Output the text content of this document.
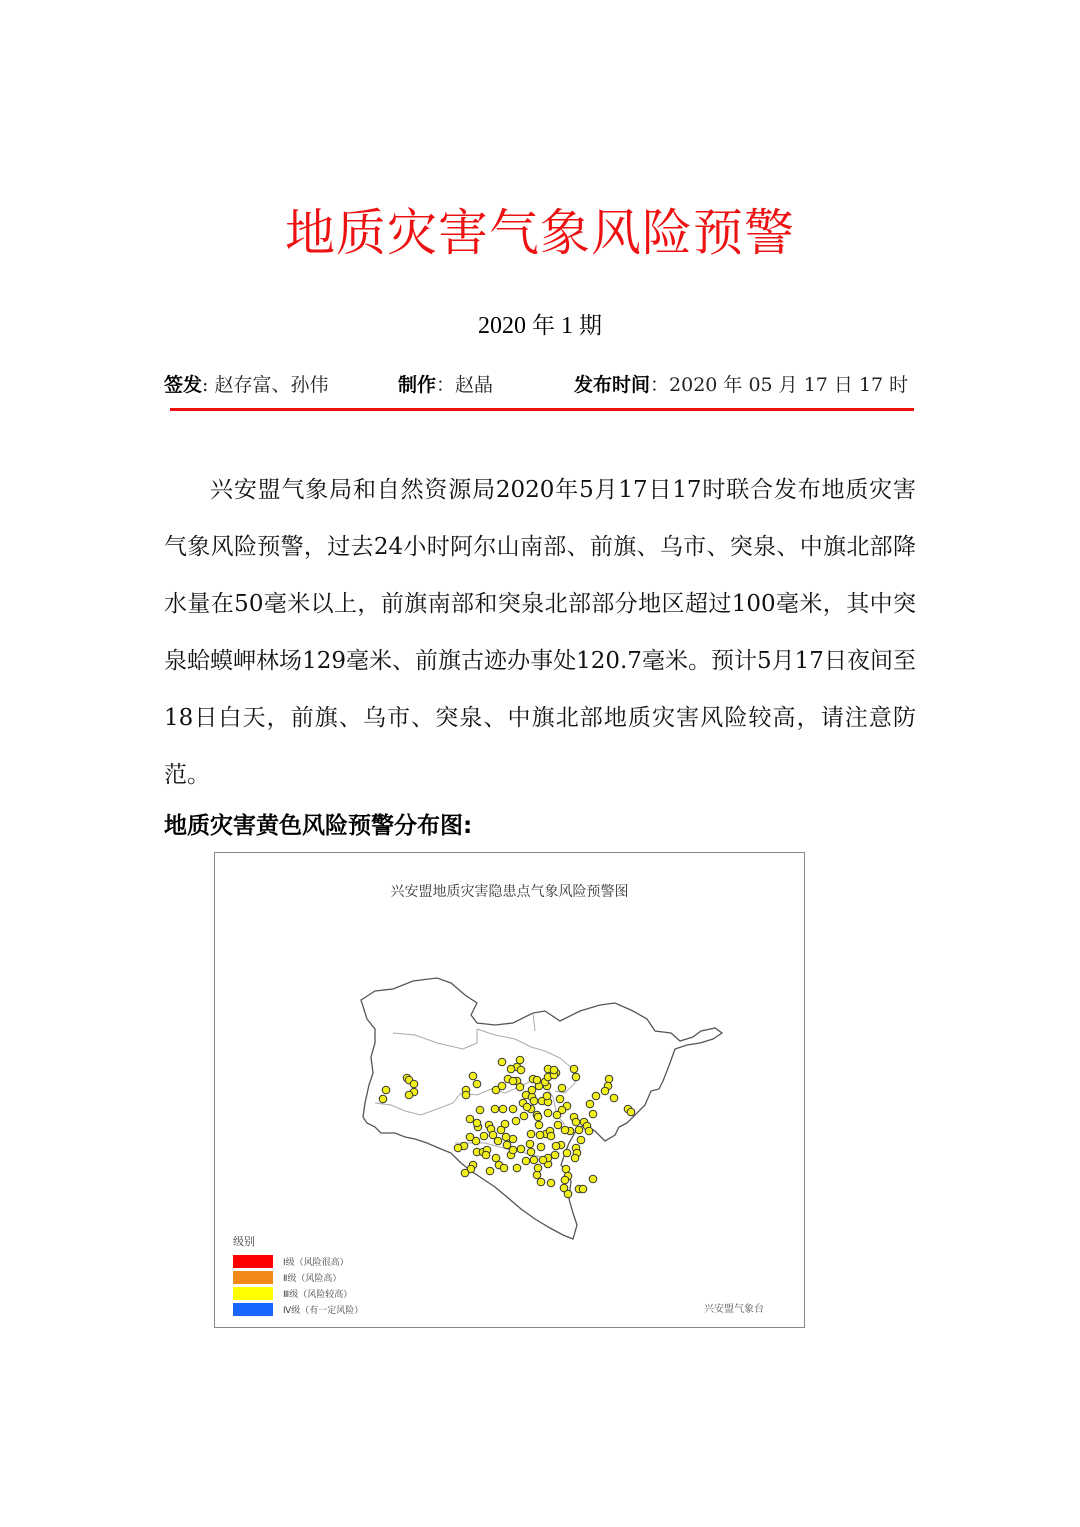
地质灾害气象风险预警
2020 年 1 期
签发: 赵存富、孙伟	制作：赵晶	发布时间：2020 年 05 月 17 日 17 时

兴安盟气象局和自然资源局2020年5月17日17时联合发布地质灾害气象风险预警，过去24小时阿尔山南部、前旗、乌市、突泉、中旗北部降水量在50毫米以上，前旗南部和突泉北部部分地区超过100毫米，其中突泉蛤蟆岬林场129毫米、前旗古迹办事处120.7毫米。预计5月17日夜间至18日白天，前旗、乌市、突泉、中旗北部地质灾害风险较高，请注意防范。

地质灾害黄色风险预警分布图:
兴安盟地质灾害隐患点气象风险预警图
级别
Ⅰ级（风险很高）
Ⅱ级（风险高）
Ⅲ级（风险较高）
Ⅳ级（有一定风险）	兴安盟气象台
